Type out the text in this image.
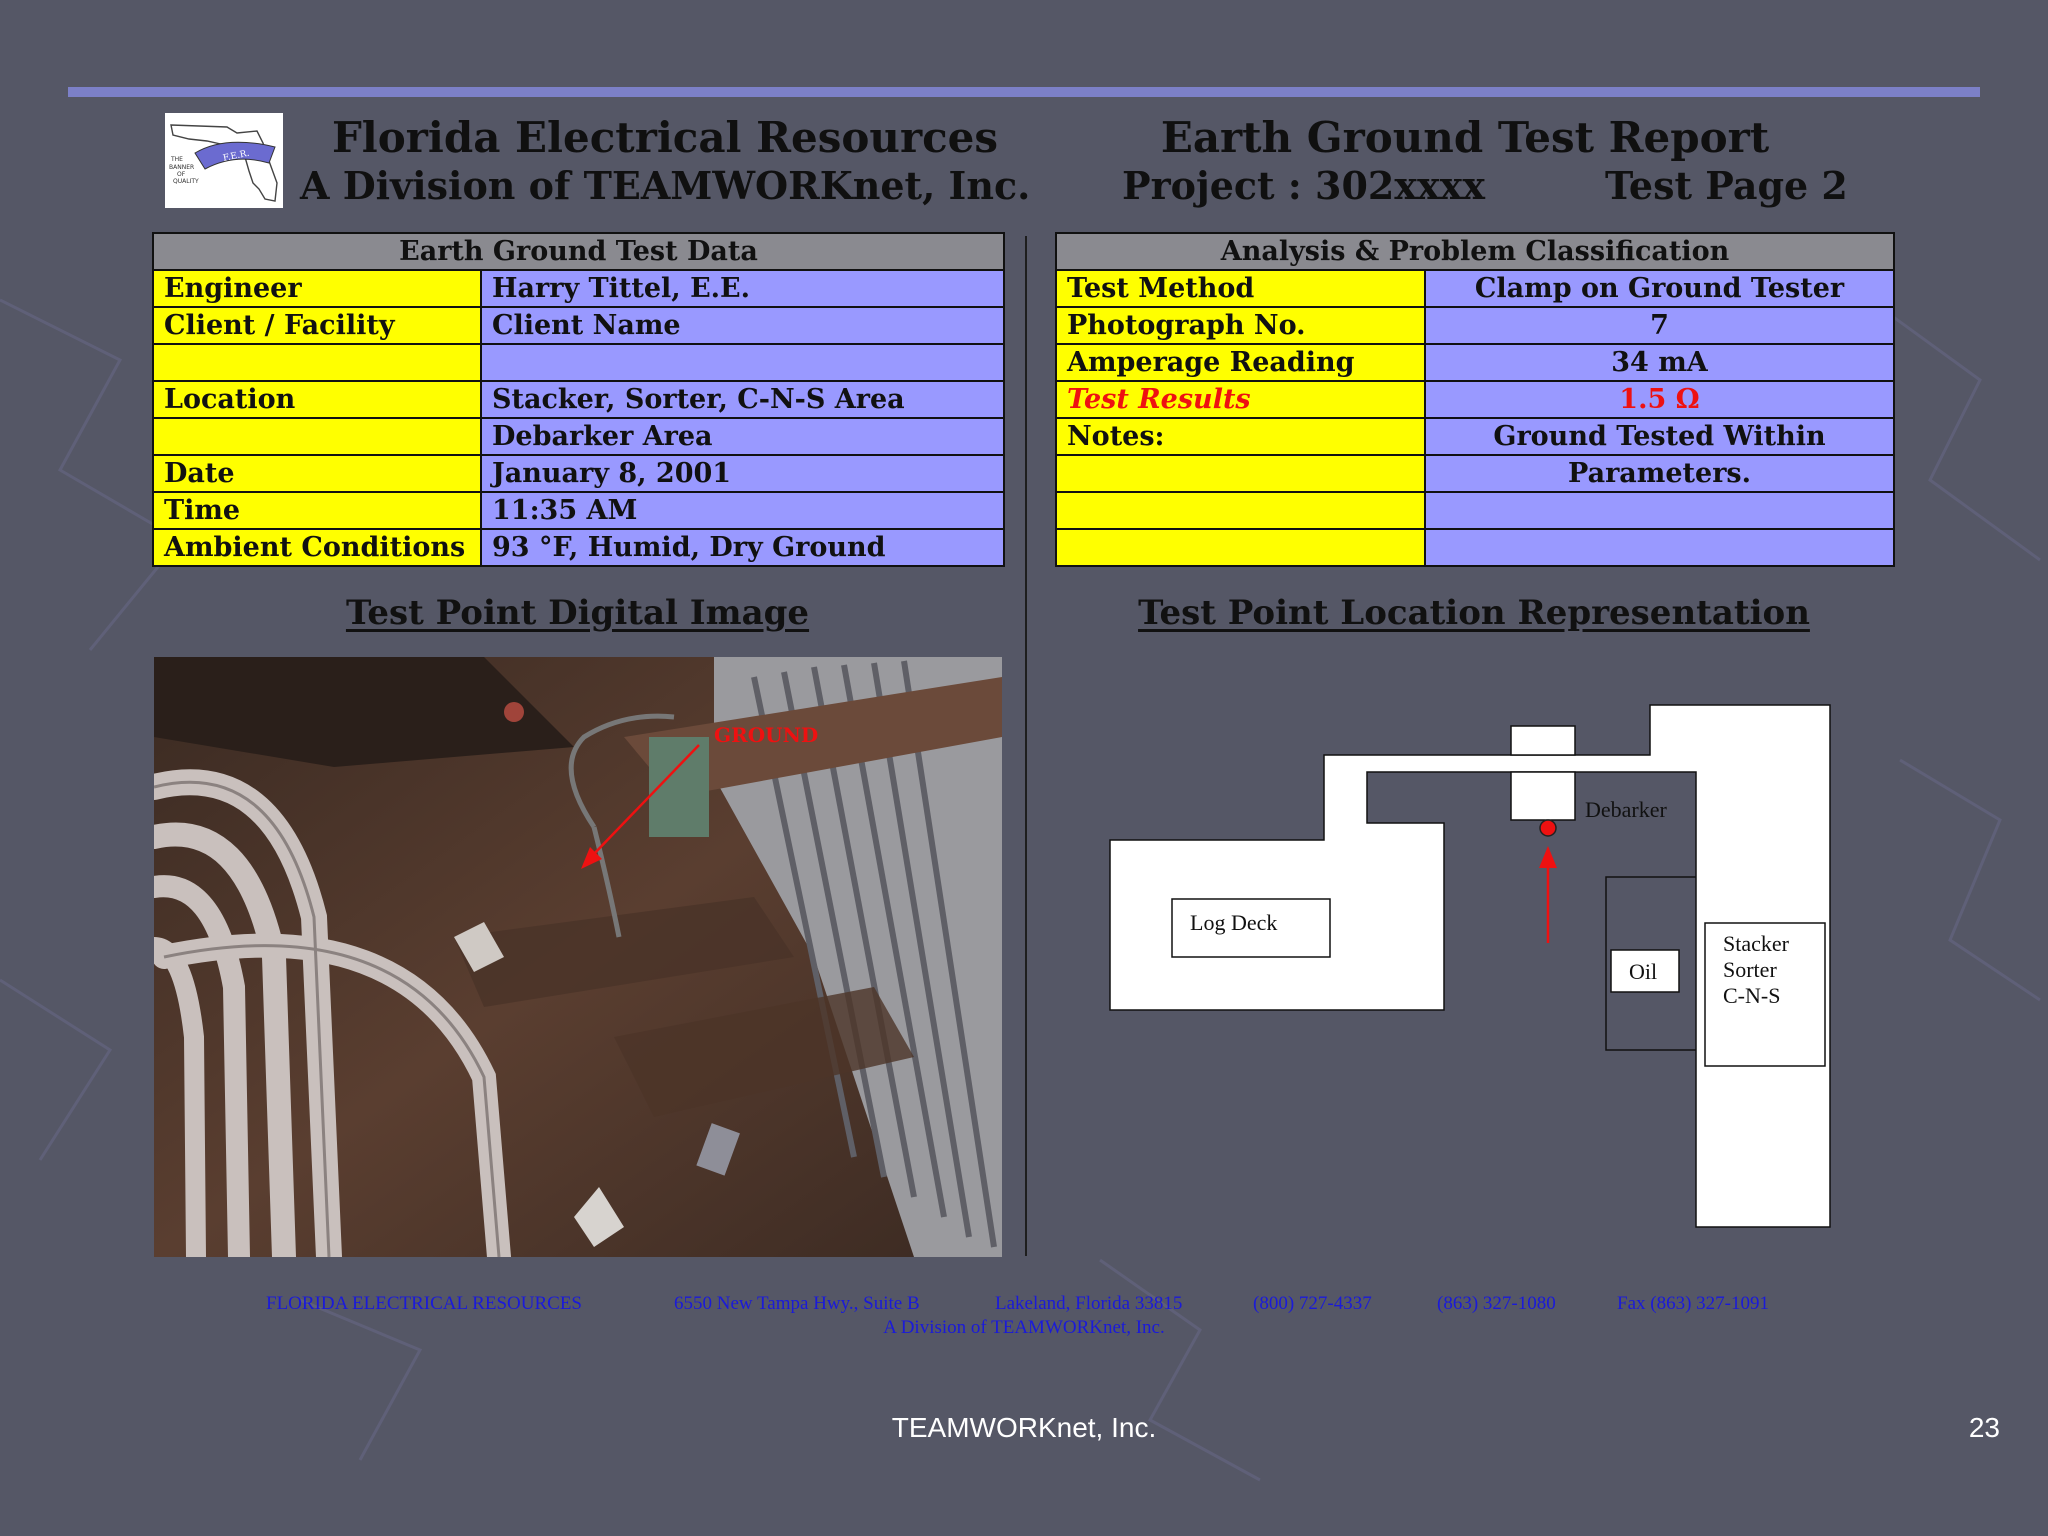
F.E.R.
THE
BANNER
OF
QUALITY
Florida Electrical Resources
A Division of TEAMWORKnet, Inc.
Earth Ground Test Report
Project : 302xxxx	Test Page 2
Earth Ground Test Data	
Engineer	Harry Tittel, E.E.
Client / Facility	Client Name

Location	Stacker, Sorter, C-N-S Area
	Debarker Area
Date	January 8, 2001
Time	11:35 AM
Ambient Conditions	93 °F, Humid, Dry Ground
Analysis & Problem Classification	
Test Method	Clamp on Ground Tester
Photograph No.	7
Amperage Reading	34 mA
Test Results	1.5 Ω
Notes:	Ground Tested Within
	Parameters.

Test Point Digital Image	Test Point Location Representation
GROUND
Log Deck
Debarker
Oil
Stacker
Sorter
C-N-S
FLORIDA ELECTRICAL RESOURCES	6550 New Tampa Hwy., Suite B	Lakeland, Florida 33815	(800) 727-4337	(863) 327-1080	Fax (863) 327-1091
A Division of TEAMWORKnet, Inc.
TEAMWORKnet, Inc.	23
